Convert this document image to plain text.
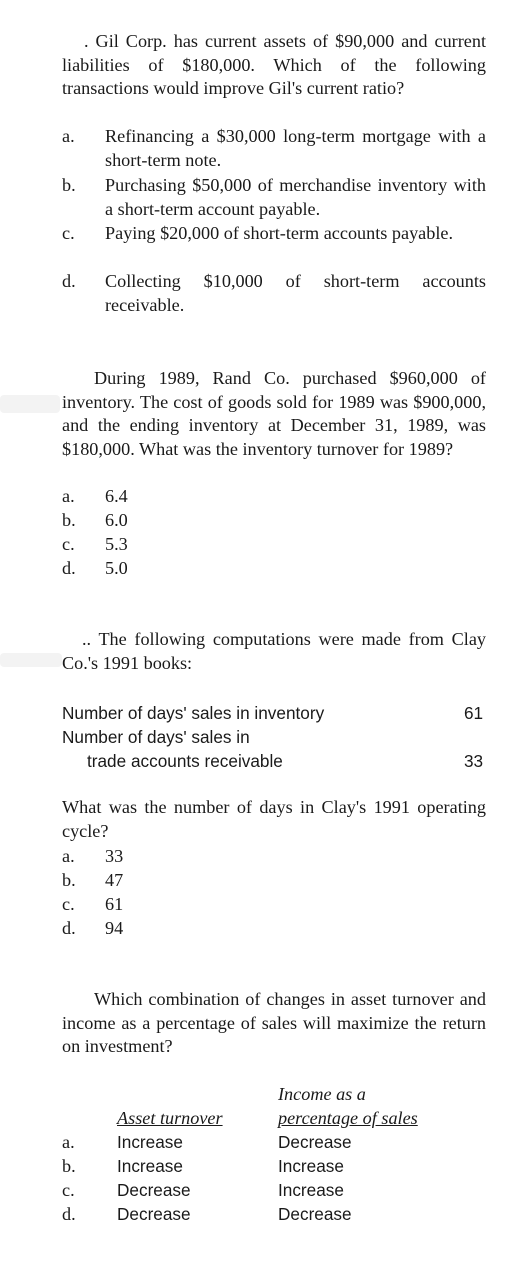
. Gil Corp. has current assets of $90,000 and current liabilities of $180,000. Which of the following transactions would improve Gil's current ratio?
a. Refinancing a $30,000 long-term mortgage with a short-term note.
b. Purchasing $50,000 of merchandise inventory with a short-term account payable.
c. Paying $20,000 of short-term accounts payable.
d. Collecting $10,000 of short-term accounts receivable.
During 1989, Rand Co. purchased $960,000 of inventory. The cost of goods sold for 1989 was $900,000, and the ending inventory at December 31, 1989, was $180,000. What was the inventory turnover for 1989?
a. 6.4
b. 6.0
c. 5.3
d. 5.0
.. The following computations were made from Clay Co.'s 1991 books:
Number of days' sales in inventory	61
Number of days' sales in
trade accounts receivable	33
What was the number of days in Clay's 1991 operating cycle?
a. 33
b. 47
c. 61
d. 94
Which combination of changes in asset turnover and income as a percentage of sales will maximize the return on investment?
Income as a
Asset turnover	percentage of sales
a. Increase	Decrease
b. Increase	Increase
c. Decrease	Increase
d. Decrease	Decrease
